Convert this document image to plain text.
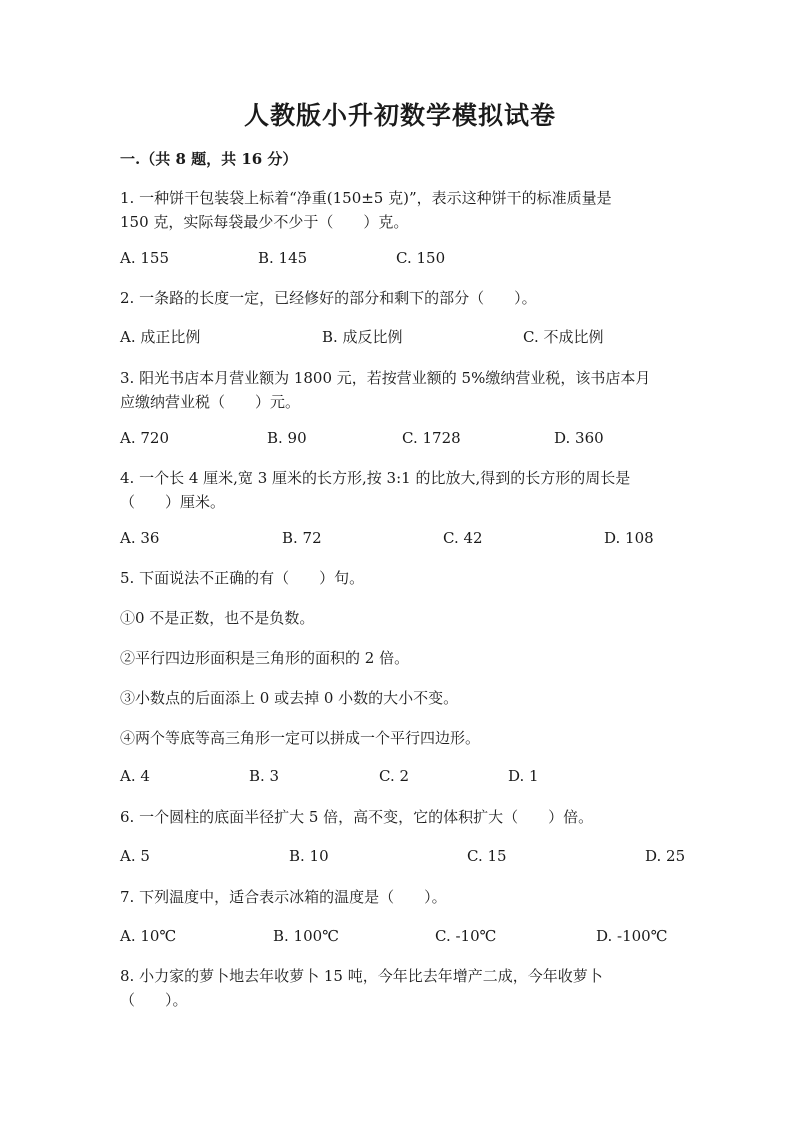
人教版小升初数学模拟试卷
一.（共 8 题，共 16 分）
1. 一种饼干包装袋上标着“净重(150±5 克)”，表示这种饼干的标准质量是
150 克，实际每袋最少不少于（　　）克。
A. 155	B. 145	C. 150
2. 一条路的长度一定，已经修好的部分和剩下的部分（　　）。
A. 成正比例	B. 成反比例	C. 不成比例
3. 阳光书店本月营业额为 1800 元，若按营业额的 5%缴纳营业税，该书店本月
应缴纳营业税（　　）元。
A. 720	B. 90	C. 1728	D. 360
4. 一个长 4 厘米,宽 3 厘米的长方形,按 3:1 的比放大,得到的长方形的周长是
（　　）厘米。
A. 36	B. 72	C. 42	D. 108
5. 下面说法不正确的有（　　）句。
①0 不是正数，也不是负数。
②平行四边形面积是三角形的面积的 2 倍。
③小数点的后面添上 0 或去掉 0 小数的大小不变。
④两个等底等高三角形一定可以拼成一个平行四边形。
A. 4	B. 3	C. 2	D. 1
6. 一个圆柱的底面半径扩大 5 倍，高不变，它的体积扩大（　　）倍。
A. 5	B. 10	C. 15	D. 25
7. 下列温度中，适合表示冰箱的温度是（　　）。
A. 10℃	B. 100℃	C. -10℃	D. -100℃
8. 小力家的萝卜地去年收萝卜 15 吨，今年比去年增产二成，今年收萝卜
（　　）。
